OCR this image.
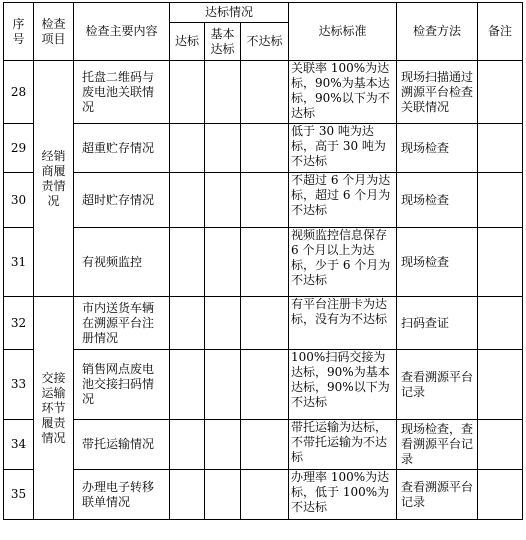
序号	检查项目	检查主要内容	达标情况			达标标准	检查方法	备注
			达标	基本达标	不达标			
28	经销商履责情况	托盘二维码与废电池关联情况				关联率 100%为达标，90%为基本达标，90%以下为不达标	现场扫描通过溯源平台检查关联情况	
29		超重贮存情况				低于 30 吨为达标，高于 30 吨为不达标	现场检查	
30		超时贮存情况				不超过 6 个月为达标，超过 6 个月为不达标	现场检查	
31		有视频监控				视频监控信息保存 6 个月以上为达标，少于 6 个月为不达标	现场检查	
32	交接运输环节履责情况	市内送货车辆在溯源平台注册情况				有平台注册卡为达标，没有为不达标	扫码查证	
33		销售网点废电池交接扫码情况				100%扫码交接为达标，90%为基本达标，90%以下为不达标	查看溯源平台记录	
34		带托运输情况				带托运输为达标，不带托运输为不达标	现场检查，查看溯源平台记录	
35		办理电子转移联单情况				办理率 100%为达标，低于 100%为不达标	查看溯源平台记录	
